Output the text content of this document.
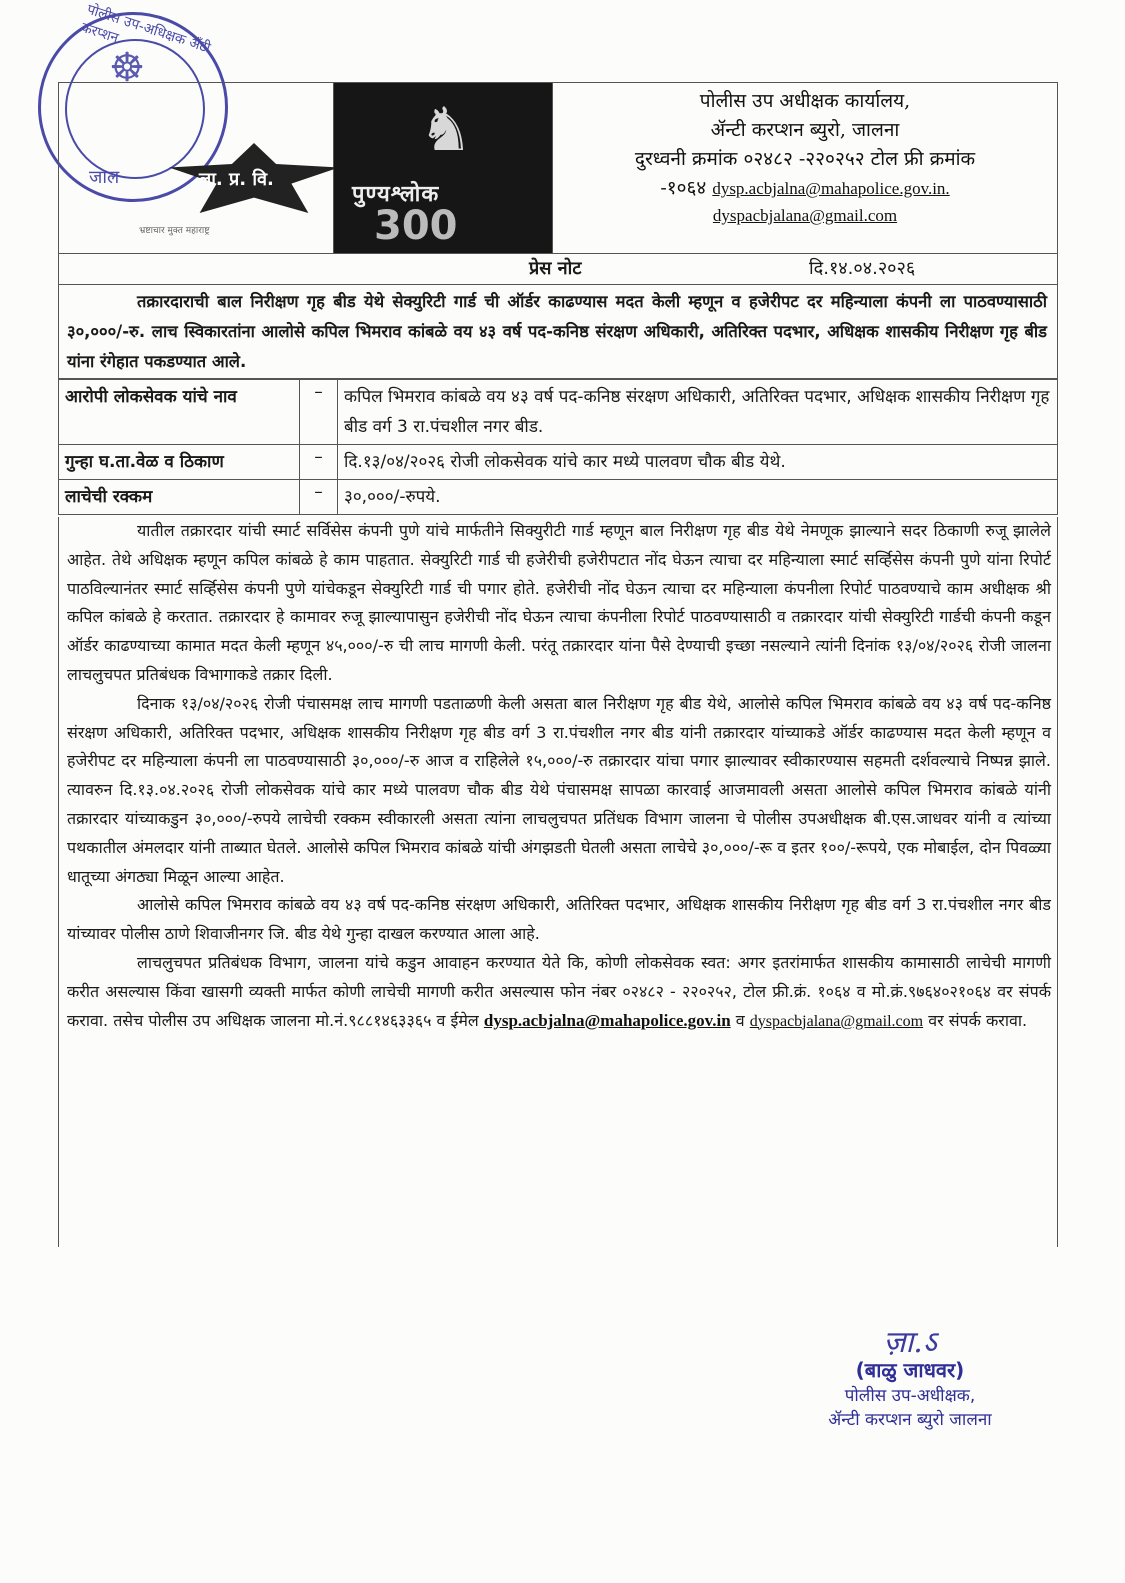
पोलीस उप-अधिक्षक अँटी करप्शन
☸
जाल	ला. प्र. वि.
भ्रष्टाचार मुक्त महाराष्ट्र
♞
पुण्यश्लोक
300
पोलीस उप अधीक्षक कार्यालय,
ॲन्टी करप्शन ब्युरो, जालना
दुरध्वनी क्रमांक ०२४८२ -२२०२५२ टोल फ्री क्रमांक
-१०६४ dysp.acbjalna@mahapolice.gov.in.
dyspacbjalana@gmail.com
प्रेस नोट	दि.१४.०४.२०२६

तक्रारदाराची बाल निरीक्षण गृह बीड येथे सेक्युरिटी गार्ड ची ऑर्डर काढण्यास मदत केली म्हणून व हजेरीपट दर महिन्याला कंपनी ला पाठवण्यासाठी ३०,०००/-रु. लाच स्विकारतांना आलोसे कपिल भिमराव कांबळे वय ४३ वर्ष पद-कनिष्ठ संरक्षण अधिकारी, अतिरिक्त पदभार, अधिक्षक शासकीय निरीक्षण गृह बीड यांना रंगेहात पकडण्यात आले.

आरोपी लोकसेवक यांचे नाव	–	कपिल भिमराव कांबळे वय ४३ वर्ष पद-कनिष्ठ संरक्षण अधिकारी, अतिरिक्त पदभार, अधिक्षक शासकीय निरीक्षण गृह बीड वर्ग 3 रा.पंचशील नगर बीड.
गुन्हा घ.ता.वेळ व ठिकाण	–	दि.१३/०४/२०२६ रोजी लोकसेवक यांचे कार मध्ये पालवण चौक बीड येथे.
लाचेची रक्कम	–	३०,०००/-रुपये.

यातील तक्रारदार यांची स्मार्ट सर्विसेस कंपनी पुणे यांचे मार्फतीने सिक्युरीटी गार्ड म्हणून बाल निरीक्षण गृह बीड येथे नेमणूक झाल्याने सदर ठिकाणी रुजू झालेले आहेत. तेथे अधिक्षक म्हणून कपिल कांबळे हे काम पाहतात. सेक्युरिटी गार्ड ची हजेरीची हजेरीपटात नोंद घेऊन त्याचा दर महिन्याला स्मार्ट सर्व्हिसेस कंपनी पुणे यांना रिपोर्ट पाठविल्यानंतर स्मार्ट सर्व्हिसेस कंपनी पुणे यांचेकडून सेक्युरिटी गार्ड ची पगार होते. हजेरीची नोंद घेऊन त्याचा दर महिन्याला कंपनीला रिपोर्ट पाठवण्याचे काम अधीक्षक श्री कपिल कांबळे हे करतात. तक्रारदार हे कामावर रुजू झाल्यापासुन हजेरीची नोंद घेऊन त्याचा कंपनीला रिपोर्ट पाठवण्यासाठी व तक्रारदार यांची सेक्युरिटी गार्डची कंपनी कडून ऑर्डर काढण्याच्या कामात मदत केली म्हणून ४५,०००/-रु ची लाच मागणी केली. परंतू तक्रारदार यांना पैसे देण्याची इच्छा नसल्याने त्यांनी दिनांक १३/०४/२०२६ रोजी जालना लाचलुचपत प्रतिबंधक विभागाकडे तक्रार दिली.

दिनाक १३/०४/२०२६ रोजी पंचासमक्ष लाच मागणी पडताळणी केली असता बाल निरीक्षण गृह बीड येथे, आलोसे कपिल भिमराव कांबळे वय ४३ वर्ष पद-कनिष्ठ संरक्षण अधिकारी, अतिरिक्त पदभार, अधिक्षक शासकीय निरीक्षण गृह बीड वर्ग 3 रा.पंचशील नगर बीड यांनी तक्रारदार यांच्याकडे ऑर्डर काढण्यास मदत केली म्हणून व हजेरीपट दर महिन्याला कंपनी ला पाठवण्यासाठी ३०,०००/-रु आज व राहिलेले १५,०००/-रु तक्रारदार यांचा पगार झाल्यावर स्वीकारण्यास सहमती दर्शवल्याचे निष्पन्न झाले. त्यावरुन दि.१३.०४.२०२६ रोजी लोकसेवक यांचे कार मध्ये पालवण चौक बीड येथे पंचासमक्ष सापळा कारवाई आजमावली असता आलोसे कपिल भिमराव कांबळे यांनी तक्रारदार यांच्याकडुन ३०,०००/-रुपये लाचेची रक्कम स्वीकारली असता त्यांना लाचलुचपत प्रतिंधक विभाग जालना चे पोलीस उपअधीक्षक बी.एस.जाधवर यांनी व त्यांच्या पथकातील अंमलदार यांनी ताब्यात घेतले. आलोसे कपिल भिमराव कांबळे यांची अंगझडती घेतली असता लाचेचे ३०,०००/-रू व इतर १००/-रूपये, एक मोबाईल, दोन पिवळ्या धातूच्या अंगठ्या मिळून आल्या आहेत.

आलोसे कपिल भिमराव कांबळे वय ४३ वर्ष पद-कनिष्ठ संरक्षण अधिकारी, अतिरिक्त पदभार, अधिक्षक शासकीय निरीक्षण गृह बीड वर्ग 3 रा.पंचशील नगर बीड यांच्यावर पोलीस ठाणे शिवाजीनगर जि. बीड येथे गुन्हा दाखल करण्यात आला आहे.

लाचलुचपत प्रतिबंधक विभाग, जालना यांचे कडुन आवाहन करण्यात येते कि, कोणी लोकसेवक स्वत: अगर इतरांमार्फत शासकीय कामासाठी लाचेची मागणी करीत असल्यास किंवा खासगी व्यक्ती मार्फत कोणी लाचेची मागणी करीत असल्यास फोन नंबर ०२४८२ - २२०२५२, टोल फ्री.क्रं. १०६४ व मो.क्रं.९७६४०२१०६४ वर संपर्क करावा. तसेच पोलीस उप अधिक्षक जालना मो.नं.९८८१४६३३६५ व ईमेल dysp.acbjalna@mahapolice.gov.in व dyspacbjalana@gmail.com वर संपर्क करावा.

ज़ा.ऽ
(बाळु जाधवर)
पोलीस उप-अधीक्षक,
ॲन्टी करप्शन ब्युरो जालना
